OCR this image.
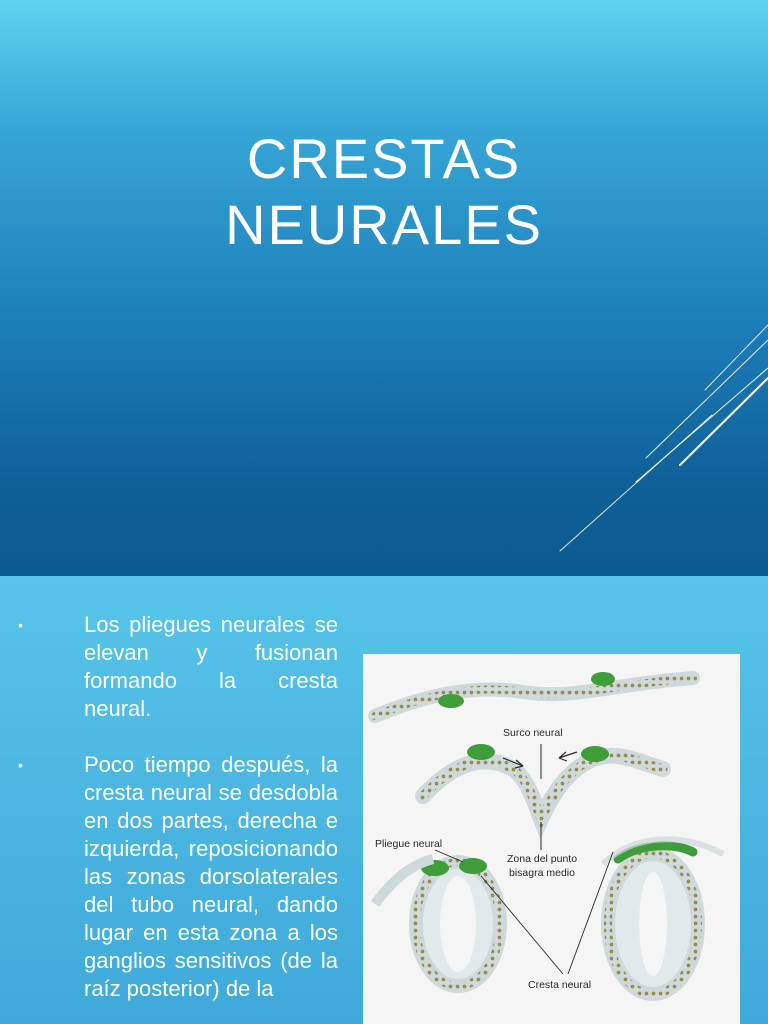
CRESTAS
NEURALES
•	Los pliegues neurales se elevan y fusionan formando la cresta neural.
•	Poco tiempo después, la cresta neural se desdobla en dos partes, derecha e izquierda, reposicionando las zonas dorsolaterales del tubo neural, dando lugar en esta zona a los ganglios sensitivos (de la raíz posterior) de la
Surco neural
Pliegue neural
Zona del punto
bisagra medio
Cresta neural
